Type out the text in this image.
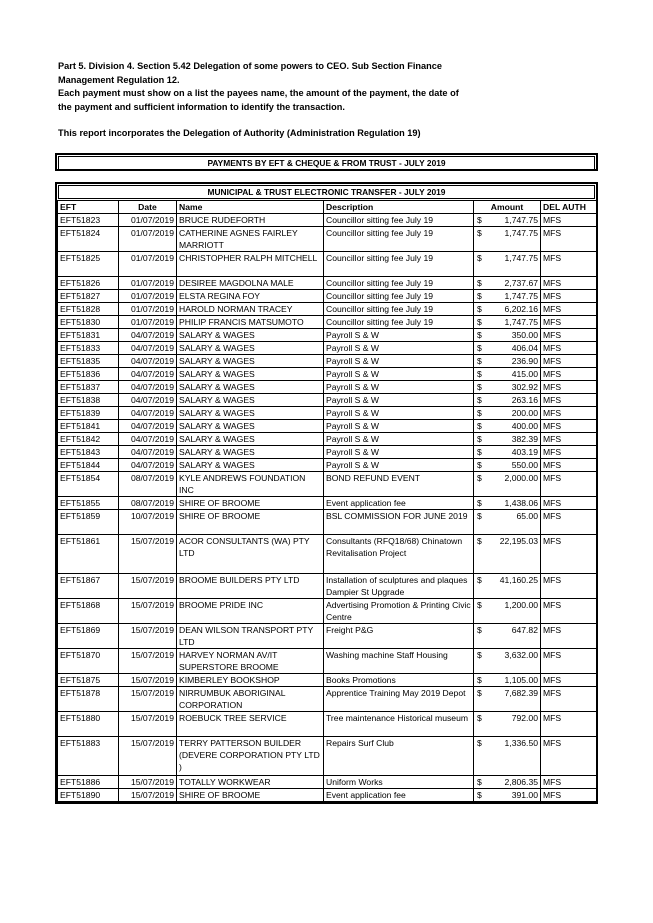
Part 5. Division 4. Section 5.42 Delegation of some powers to CEO. Sub Section Finance

Management Regulation 12.

Each payment must show on a list the payees name, the amount of the payment, the date of

the payment and sufficient information to identify the transaction.

This report incorporates the Delegation of Authority (Administration Regulation 19)

PAYMENTS BY EFT & CHEQUE & FROM TRUST - JULY 2019
MUNICIPAL & TRUST ELECTRONIC TRANSFER - JULY 2019
EFT	Date	Name	Description	Amount		DEL AUTH
EFT51823	01/07/2019	BRUCE RUDEFORTH	Councillor sitting fee July 19	$	1,747.75	MFS
EFT51824	01/07/2019	CATHERINE AGNES FAIRLEY MARRIOTT	Councillor sitting fee July 19	$	1,747.75	MFS
EFT51825	01/07/2019	CHRISTOPHER RALPH MITCHELL	Councillor sitting fee July 19	$	1,747.75	MFS
EFT51826	01/07/2019	DESIREE MAGDOLNA MALE	Councillor sitting fee July 19	$	2,737.67	MFS
EFT51827	01/07/2019	ELSTA REGINA FOY	Councillor sitting fee July 19	$	1,747.75	MFS
EFT51828	01/07/2019	HAROLD NORMAN TRACEY	Councillor sitting fee July 19	$	6,202.16	MFS
EFT51830	01/07/2019	PHILIP FRANCIS MATSUMOTO	Councillor sitting fee July 19	$	1,747.75	MFS
EFT51831	04/07/2019	SALARY & WAGES	Payroll S & W	$	350.00	MFS
EFT51833	04/07/2019	SALARY & WAGES	Payroll S & W	$	406.04	MFS
EFT51835	04/07/2019	SALARY & WAGES	Payroll S & W	$	236.90	MFS
EFT51836	04/07/2019	SALARY & WAGES	Payroll S & W	$	415.00	MFS
EFT51837	04/07/2019	SALARY & WAGES	Payroll S & W	$	302.92	MFS
EFT51838	04/07/2019	SALARY & WAGES	Payroll S & W	$	263.16	MFS
EFT51839	04/07/2019	SALARY & WAGES	Payroll S & W	$	200.00	MFS
EFT51841	04/07/2019	SALARY & WAGES	Payroll S & W	$	400.00	MFS
EFT51842	04/07/2019	SALARY & WAGES	Payroll S & W	$	382.39	MFS
EFT51843	04/07/2019	SALARY & WAGES	Payroll S & W	$	403.19	MFS
EFT51844	04/07/2019	SALARY & WAGES	Payroll S & W	$	550.00	MFS
EFT51854	08/07/2019	KYLE ANDREWS FOUNDATION INC	BOND REFUND EVENT	$	2,000.00	MFS
EFT51855	08/07/2019	SHIRE OF BROOME	Event application fee	$	1,438.06	MFS
EFT51859	10/07/2019	SHIRE OF BROOME	BSL COMMISSION FOR JUNE 2019	$	65.00	MFS
EFT51861	15/07/2019	ACOR CONSULTANTS (WA) PTY LTD	Consultants (RFQ18/68) Chinatown Revitalisation Project	$	22,195.03	MFS
EFT51867	15/07/2019	BROOME BUILDERS PTY LTD	Installation of sculptures and plaques Dampier St Upgrade	$	41,160.25	MFS
EFT51868	15/07/2019	BROOME PRIDE INC	Advertising Promotion & Printing Civic Centre	$	1,200.00	MFS
EFT51869	15/07/2019	DEAN WILSON TRANSPORT PTY LTD	Freight P&G	$	647.82	MFS
EFT51870	15/07/2019	HARVEY NORMAN AV/IT SUPERSTORE BROOME	Washing machine Staff Housing	$	3,632.00	MFS
EFT51875	15/07/2019	KIMBERLEY BOOKSHOP	Books Promotions	$	1,105.00	MFS
EFT51878	15/07/2019	NIRRUMBUK ABORIGINAL CORPORATION	Apprentice Training May 2019 Depot	$	7,682.39	MFS
EFT51880	15/07/2019	ROEBUCK TREE SERVICE	Tree maintenance Historical museum	$	792.00	MFS
EFT51883	15/07/2019	TERRY PATTERSON BUILDER (DEVERE CORPORATION PTY LTD )	Repairs Surf Club	$	1,336.50	MFS
EFT51886	15/07/2019	TOTALLY WORKWEAR	Uniform Works	$	2,806.35	MFS
EFT51890	15/07/2019	SHIRE OF BROOME	Event application fee	$	391.00	MFS
